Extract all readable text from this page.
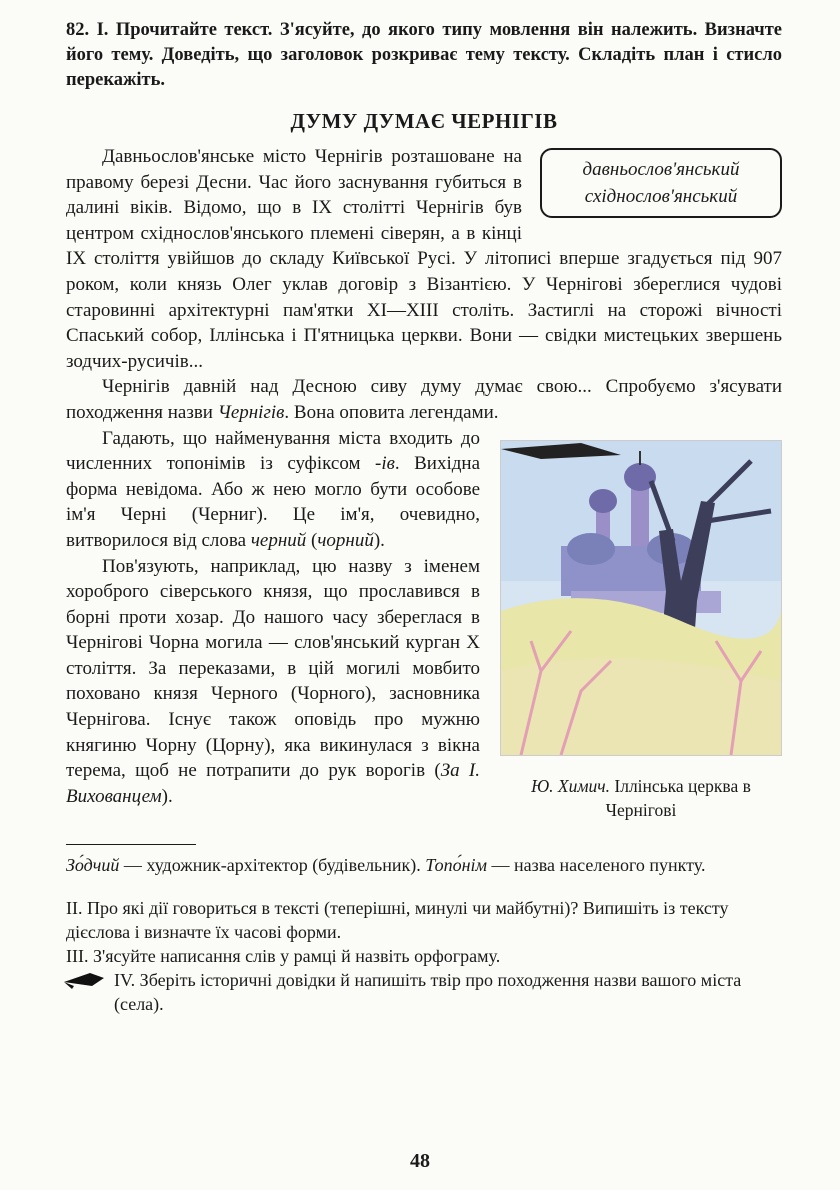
82. І. Прочитайте текст. З'ясуйте, до якого типу мовлення він належить. Визначте його тему. Доведіть, що заголовок розкриває тему тексту. Складіть план і стисло перекажіть.

ДУМУ ДУМАЄ ЧЕРНІГІВ
давньослов'янський
східнослов'янський

Давньослов'янське місто Чернігів розташоване на правому березі Десни. Час його заснування губиться в далині віків. Відомо, що в IX столітті Чернігів був центром східнослов'янського племені сіверян, а в кінці IX століття увійшов до складу Київської Русі. У літописі вперше згадується під 907 роком, коли князь Олег уклав договір з Візантією. У Чернігові збереглися чудові старовинні архітектурні пам'ятки XI—XIII століть. Застиглі на сторожі вічності Спаський собор, Іллінська і П'ятницька церкви. Вони — свідки мистецьких звершень зодчих-русичів...

Чернігів давній над Десною сиву думу думає свою... Спробуємо з'ясувати походження назви Чернігів. Вона оповита легендами.

Ю. Химич. Іллінська церква в Чернігові

Гадають, що найменування міста входить до численних топонімів із суфіксом -ів. Вихідна форма невідома. Або ж нею могло бути особове ім'я Черні (Черниг). Це ім'я, очевидно, витворилося від слова черний (чорний).

Пов'язують, наприклад, цю назву з іменем хороброго сіверського князя, що прославився в борні проти хозар. До нашого часу збереглася в Чернігові Чорна могила — слов'янський курган X століття. За переказами, в цій могилі мовбито поховано князя Черного (Чорного), засновника Чернігова. Існує також оповідь про мужню княгиню Чорну (Цорну), яка викинулася з вікна терема, щоб не потрапити до рук ворогів (За І. Вихованцем).

Зо́дчий — художник-архітектор (будівельник). Топо́нім — назва населеного пункту.

ІІ. Про які дії говориться в тексті (теперішні, минулі чи майбутні)? Випишіть із тексту дієслова і визначте їх часові форми.

ІІІ. З'ясуйте написання слів у рамці й назвіть орфограму.

IV. Зберіть історичні довідки й напишіть твір про походження назви вашого міста (села).

48
